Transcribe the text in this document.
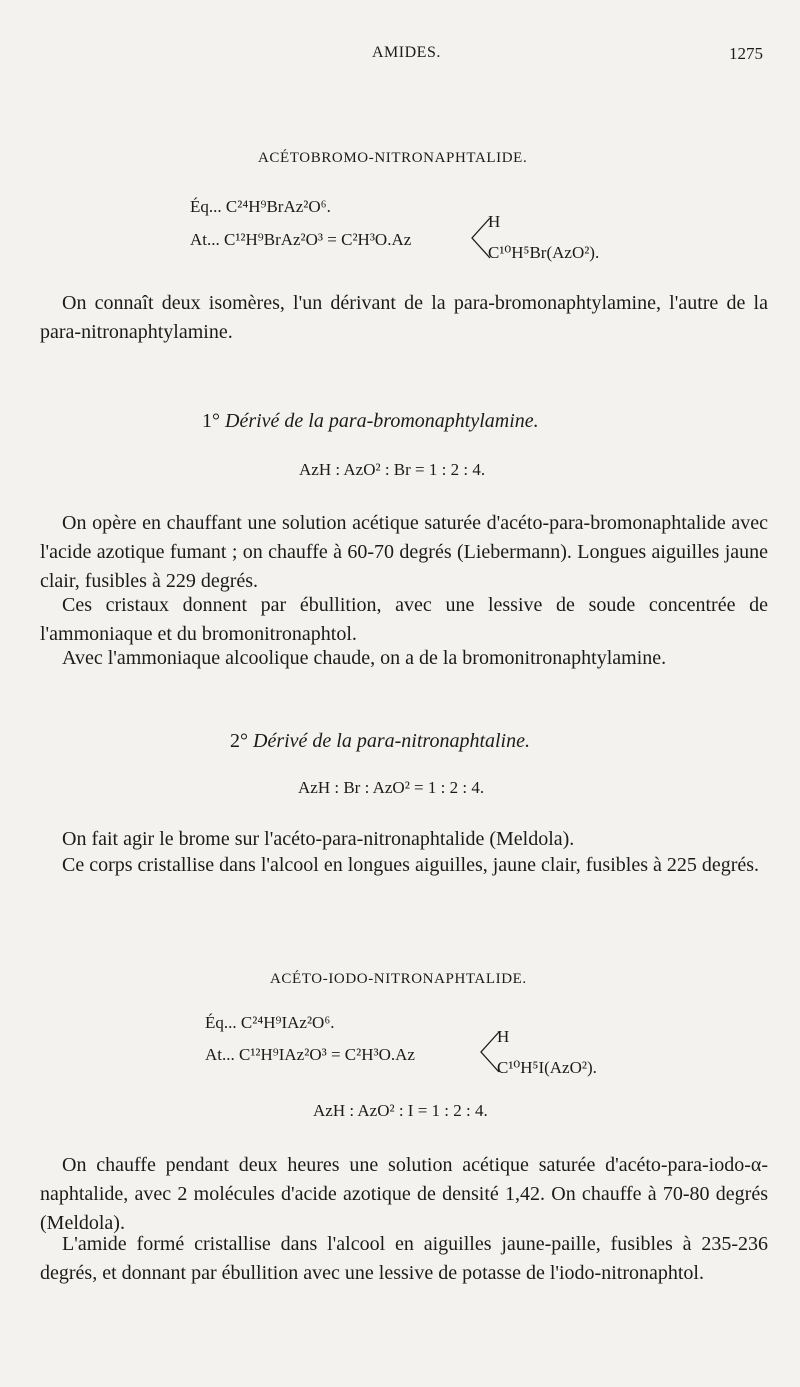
AMIDES.	1275
ACÉTOBROMO-NITRONAPHTALIDE.
Éq... C²⁴H⁹BrAz²O⁶.
At... C¹²H⁹BrAz²O³ = C²H³O.Az
H
C¹⁰H⁵Br(AzO²).
On connaît deux isomères, l'un dérivant de la para-bromonaphtylamine, l'autre de la para-nitronaphtylamine.
1° Dérivé de la para-bromonaphtylamine.
AzH : AzO² : Br = 1 : 2 : 4.
On opère en chauffant une solution acétique saturée d'acéto-para-bromonaphtalide avec l'acide azotique fumant ; on chauffe à 60-70 degrés (Liebermann). Longues aiguilles jaune clair, fusibles à 229 degrés.
Ces cristaux donnent par ébullition, avec une lessive de soude concentrée de l'ammoniaque et du bromonitronaphtol.
Avec l'ammoniaque alcoolique chaude, on a de la bromonitronaphtylamine.
2° Dérivé de la para-nitronaphtaline.
AzH : Br : AzO² = 1 : 2 : 4.
On fait agir le brome sur l'acéto-para-nitronaphtalide (Meldola).
Ce corps cristallise dans l'alcool en longues aiguilles, jaune clair, fusibles à 225 degrés.
ACÉTO-IODO-NITRONAPHTALIDE.
Éq... C²⁴H⁹IAz²O⁶.
At... C¹²H⁹IAz²O³ = C²H³O.Az
H
C¹⁰H⁵I(AzO²).
AzH : AzO² : I = 1 : 2 : 4.
On chauffe pendant deux heures une solution acétique saturée d'acéto-para-iodo-α-naphtalide, avec 2 molécules d'acide azotique de densité 1,42. On chauffe à 70-80 degrés (Meldola).
L'amide formé cristallise dans l'alcool en aiguilles jaune-paille, fusibles à 235-236 degrés, et donnant par ébullition avec une lessive de potasse de l'iodo-nitronaphtol.
